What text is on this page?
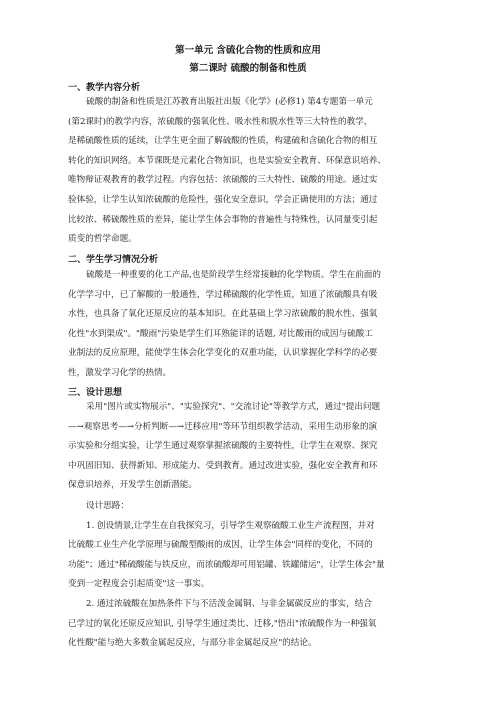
第一单元 含硫化合物的性质和应用
第二课时 硫酸的制备和性质
一、教学内容分析
硫酸的制备和性质是江苏教育出版社出版《化学》(必修1) 第4专题第一单元
(第2课时)的教学内容，浓硫酸的强氧化性、吸水性和脱水性等三大特性的教学，
是稀硫酸性质的延续，让学生更全面了解硫酸的性质，构建硫和含硫化合物的相互
转化的知识网络。本节课既是元素化合物知识，也是实验安全教育、环保意识培养、
唯物辩证观教育的教学过程。内容包括：浓硫酸的三大特性、硫酸的用途。通过实
验体验，让学生认知浓硫酸的危险性，强化安全意识，学会正确使用的方法；通过
比较浓、稀硫酸性质的差异，能让学生体会事物的普遍性与特殊性，认同量变引起
质变的哲学命题。
二、学生学习情况分析
硫酸是一种重要的化工产品,也是阶段学生经常接触的化学物质。学生在前面的
化学学习中，已了解酸的一般通性，学过稀硫酸的化学性质，知道了浓硫酸具有吸
水性，也具备了氧化还原反应的基本知识。在此基础上学习浓硫酸的脱水性、强氧
化性"水到渠成"。"酸雨"污染是学生们耳熟能详的话题, 对比酸雨的成因与硫酸工
业制法的反应原理，能使学生体会化学变化的双重功能，认识掌握化学科学的必要
性，激发学习化学的热情。
三、设计思想
采用"图片或实物展示"、"实验探究"、"交流讨论"等教学方式，通过"提出问题
—→观察思考—→分析判断—→迁移应用"等环节组织教学活动，采用生动形象的演
示实验和分组实验，让学生通过观察掌握浓硫酸的主要特性，让学生在观察、探究
中巩固旧知、获得新知、形成能力、受到教育。通过改进实验，强化安全教育和环
保意识培养，开发学生创新潜能。
设计思路：
1. 创设情景,让学生在自我探究习，引导学生观察硫酸工业生产流程图，并对
比硫酸工业生产化学原理与硫酸型酸雨的成因，让学生体会"同样的变化，不同的
功能"；通过"稀硫酸能与铁反应，而浓硫酸却可用铝罐、铁罐储运"，让学生体会"量
变到一定程度会引起质变"这一事实。
2. 通过浓硫酸在加热条件下与不活泼金属铜、与非金属碳反应的事实，结合
已学过的氧化还原反应知识, 引导学生通过类比、迁移,"悟出"浓硫酸作为一种强氧
化性酸"能与绝大多数金属起反应，与部分非金属起反应"的结论。
